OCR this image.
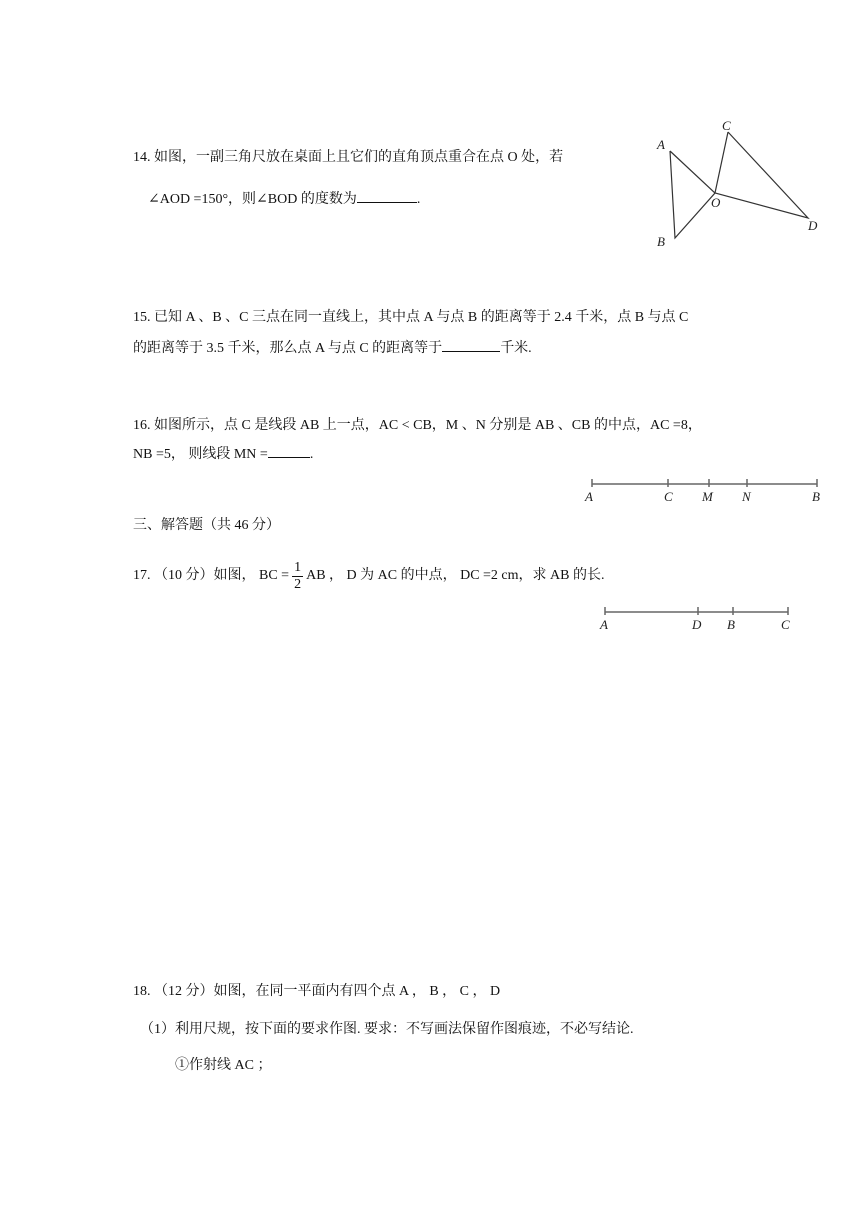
14. 如图，一副三角尺放在桌面上且它们的直角顶点重合在点 O 处，若
∠AOD =150°，则∠BOD 的度数为	.
A
B
C
O
D
15. 已知 A 、B 、C 三点在同一直线上，其中点 A 与点 B 的距离等于 2.4 千米，点 B 与点 C
的距离等于 3.5 千米，那么点 A 与点 C 的距离等于	千米.
16. 如图所示，点 C 是线段 AB 上一点，AC < CB，M 、N 分别是 AB 、CB 的中点，AC =8，
NB =5， 则线段 MN =	.
A	C M N	B
三、解答题（共 46 分）
17. （10 分）如图， BC = $\frac{1}{2}$ AB ， D 为 AC 的中点， DC =2 cm，求 AB 的长.
A	D B	C
18. （12 分）如图，在同一平面内有四个点 A ， B ， C ， D
（1）利用尺规，按下面的要求作图. 要求：不写画法保留作图痕迹，不必写结论.
①作射线 AC ；
